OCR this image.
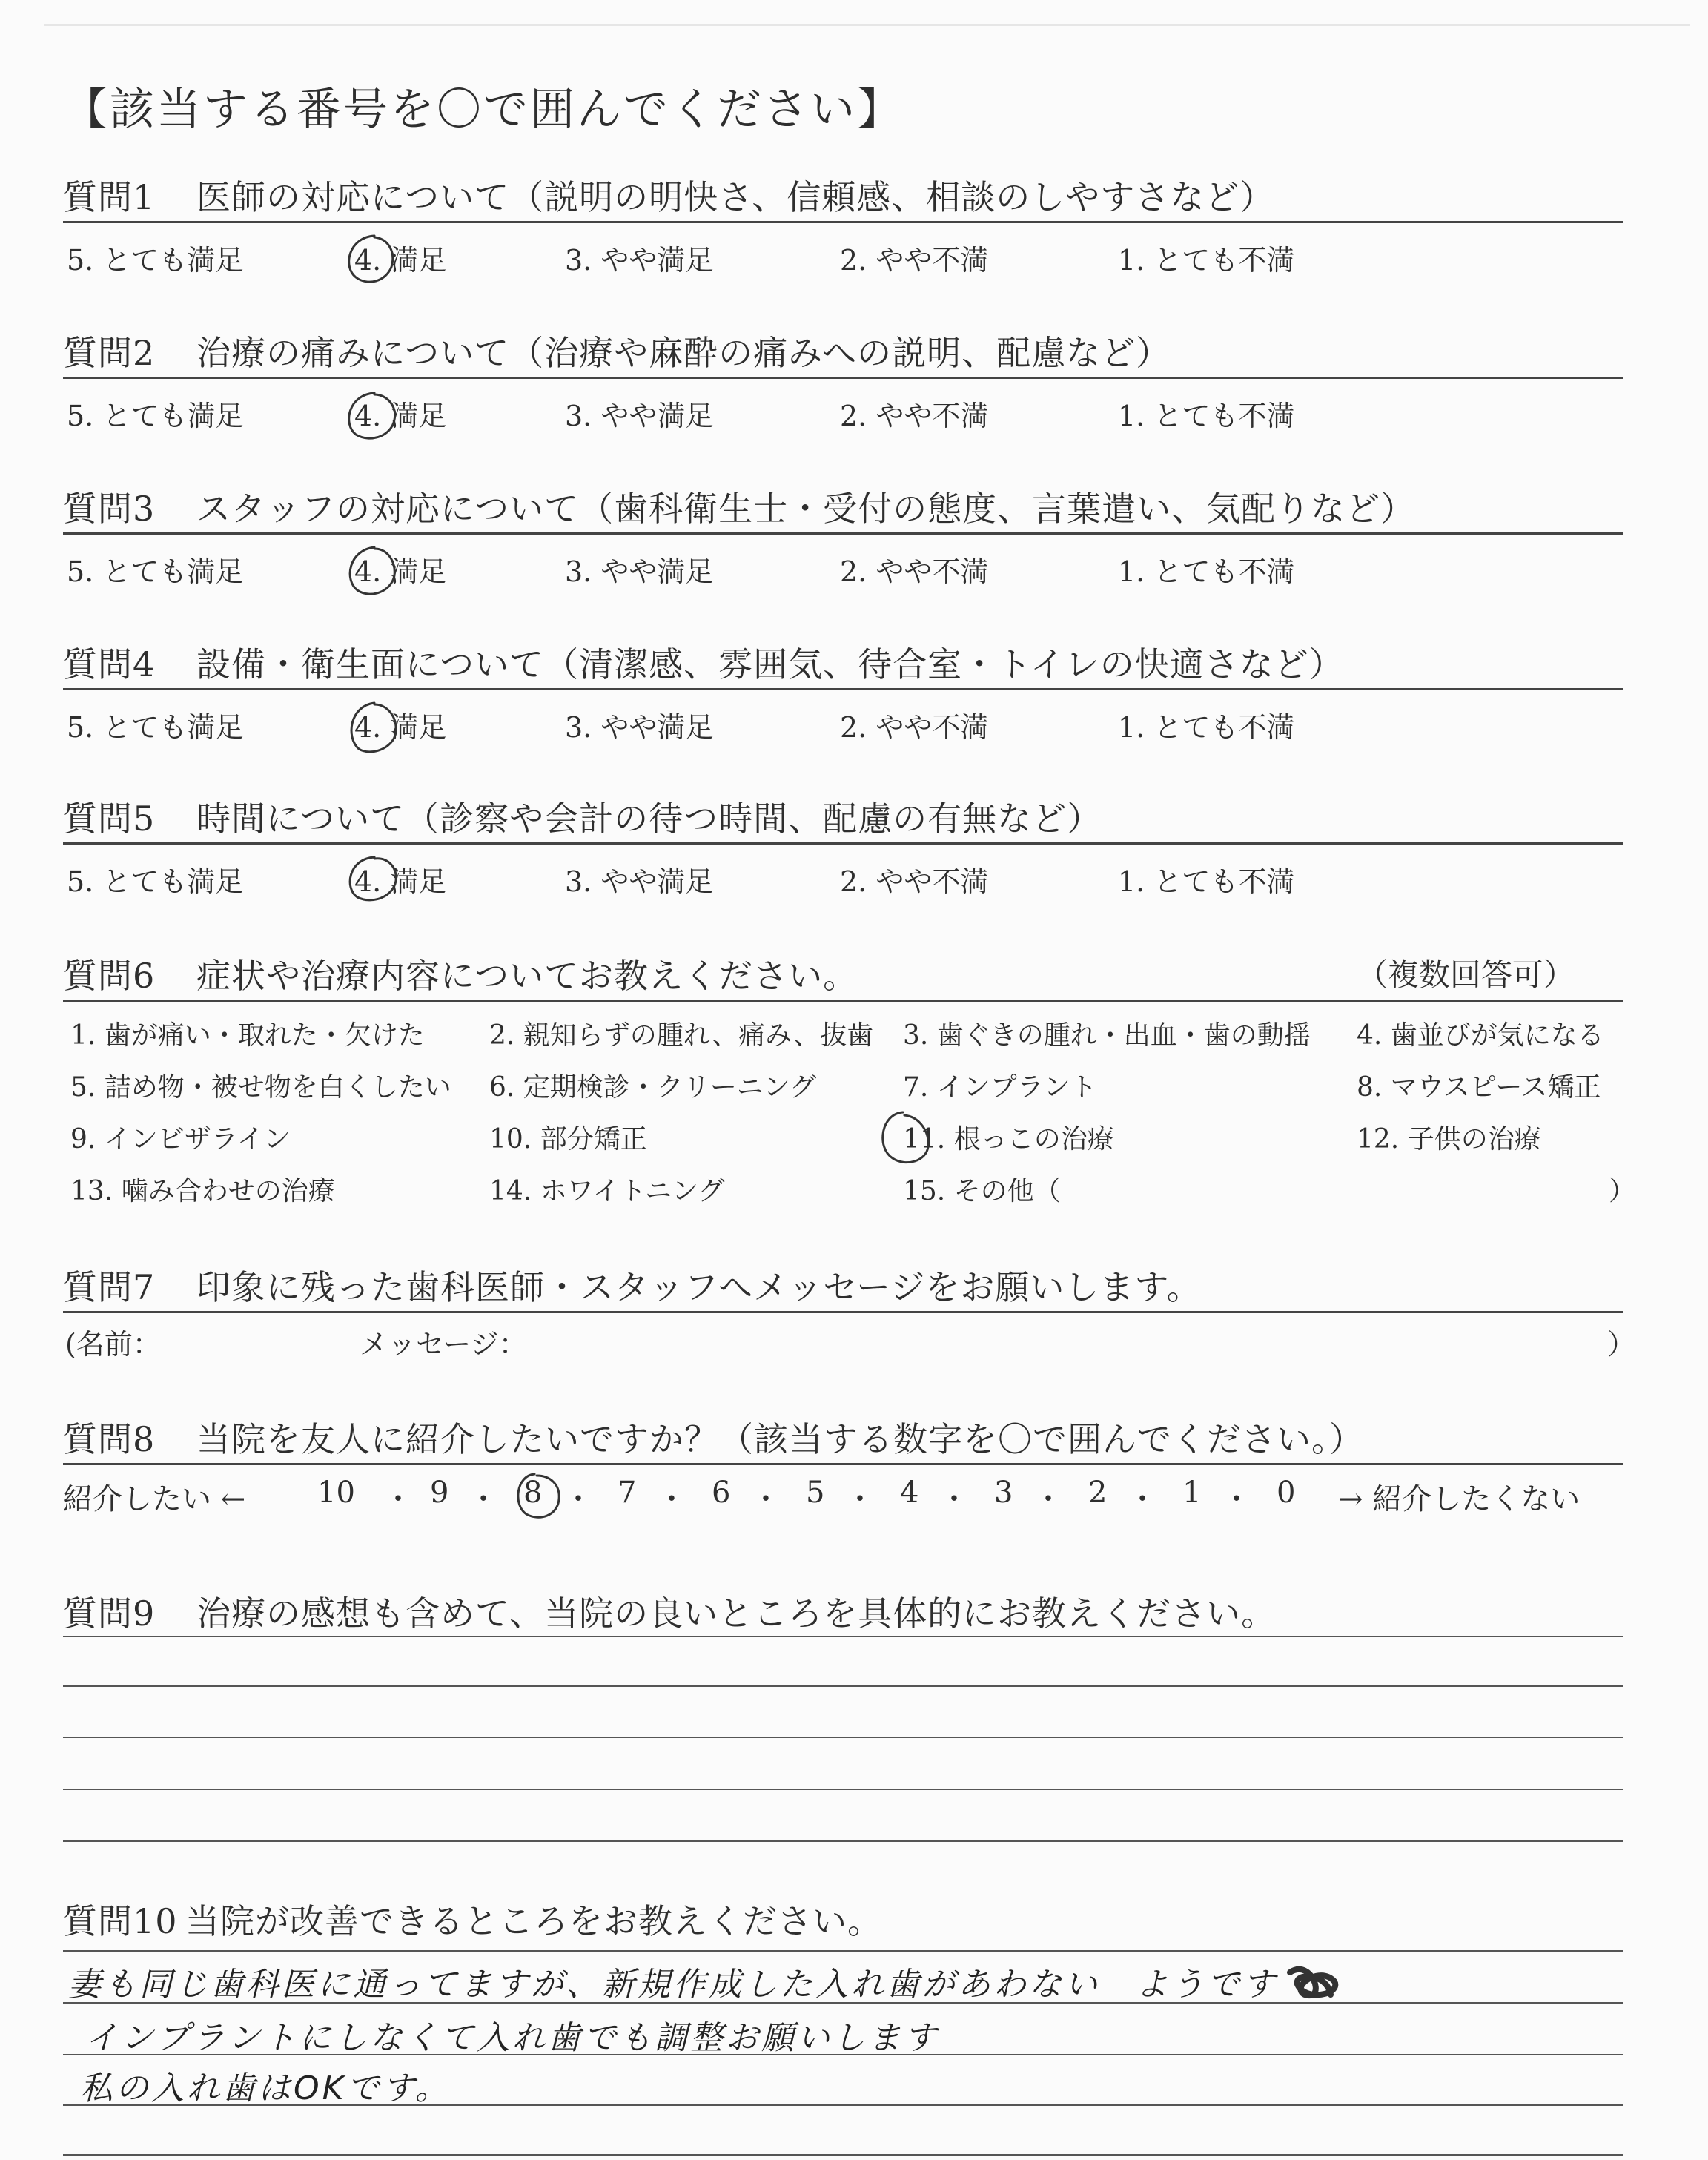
【該当する番号を〇で囲んでください】
質問1 医師の対応について（説明の明快さ、信頼感、相談のしやすさなど）
質問2 治療の痛みについて（治療や麻酔の痛みへの説明、配慮など）
質問3 スタッフの対応について（歯科衛生士・受付の態度、言葉遣い、気配りなど）
質問4 設備・衛生面について（清潔感、雰囲気、待合室・トイレの快適さなど）
質問5 時間について（診察や会計の待つ時間、配慮の有無など）
5. とても満足	4. 満足	3. やや満足	2. やや不満	1. とても不満
5. とても満足	4. 満足	3. やや満足	2. やや不満	1. とても不満
5. とても満足	4. 満足	3. やや満足	2. やや不満	1. とても不満
5. とても満足	4. 満足	3. やや満足	2. やや不満	1. とても不満
5. とても満足	4. 満足	3. やや満足	2. やや不満	1. とても不満
質問6 症状や治療内容についてお教えください。	（複数回答可）
1. 歯が痛い・取れた・欠けた 2. 親知らずの腫れ、痛み、抜歯 3. 歯ぐきの腫れ・出血・歯の動揺 4. 歯並びが気になる
5. 詰め物・被せ物を白くしたい 6. 定期検診・クリーニング	7. インプラント	8. マウスピース矯正
9. インビザライン	10. 部分矯正	11. 根っこの治療	12. 子供の治療
13. 噛み合わせの治療	14. ホワイトニング	15. その他（	）
質問7 印象に残った歯科医師・スタッフへメッセージをお願いします。
(名前：	メッセージ：	）
質問8 当院を友人に紹介したいですか？（該当する数字を〇で囲んでください。）
紹介したい ← 10	9	8	7	6	5	4	3	2	1	0 → 紹介したくない
・ ・ ・ ・ ・ ・ ・ ・ ・ ・
質問9 治療の感想も含めて、当院の良いところを具体的にお教えください。
質問10 当院が改善できるところをお教えください。
妻も同じ歯科医に通ってますが、新規作成した入れ歯があわない　ようです
インプラントにしなくて入れ歯でも調整お願いします
私の入れ歯はOKです。
